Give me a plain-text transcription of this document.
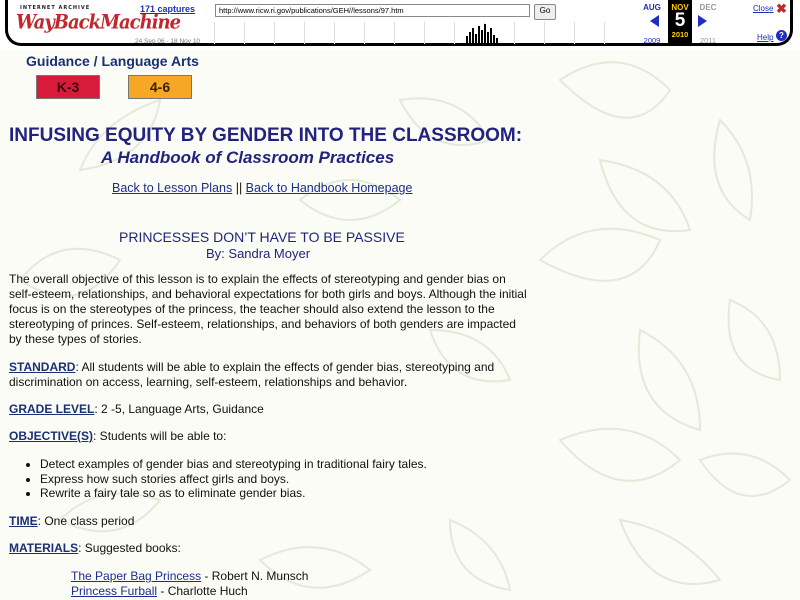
INTERNET ARCHIVE
WayBackMachine
171 captures
24 Sep 06 - 18 Nov 10
http://www.ricw.ri.gov/publications/GEH//lessons/97.htm	Go	AUG	NOV
5
2010
DEC
2009	2011
Close ✖
Help ?
Guidance / Language Arts
K-3	4-6
INFUSING EQUITY BY GENDER INTO THE CLASSROOM:
A Handbook of Classroom Practices
Back to Lesson Plans || Back to Handbook Homepage
PRINCESSES DON’T HAVE TO BE PASSIVE
By: Sandra Moyer
The overall objective of this lesson is to explain the effects of stereotyping and gender bias on self-esteem, relationships, and behavioral expectations for both girls and boys. Although the initial focus is on the stereotypes of the princess, the teacher should also extend the lesson to the stereotyping of princes. Self-esteem, relationships, and behaviors of both genders are impacted by these types of stories.
STANDARD: All students will be able to explain the effects of gender bias, stereotyping and discrimination on access, learning, self-esteem, relationships and behavior.
GRADE LEVEL: 2 -5, Language Arts, Guidance
OBJECTIVE(S): Students will be able to:
• Detect examples of gender bias and stereotyping in traditional fairy tales.
• Express how such stories affect girls and boys.
• Rewrite a fairy tale so as to eliminate gender bias.
TIME: One class period
MATERIALS: Suggested books:
The Paper Bag Princess - Robert N. Munsch
Princess Furball - Charlotte Huch
